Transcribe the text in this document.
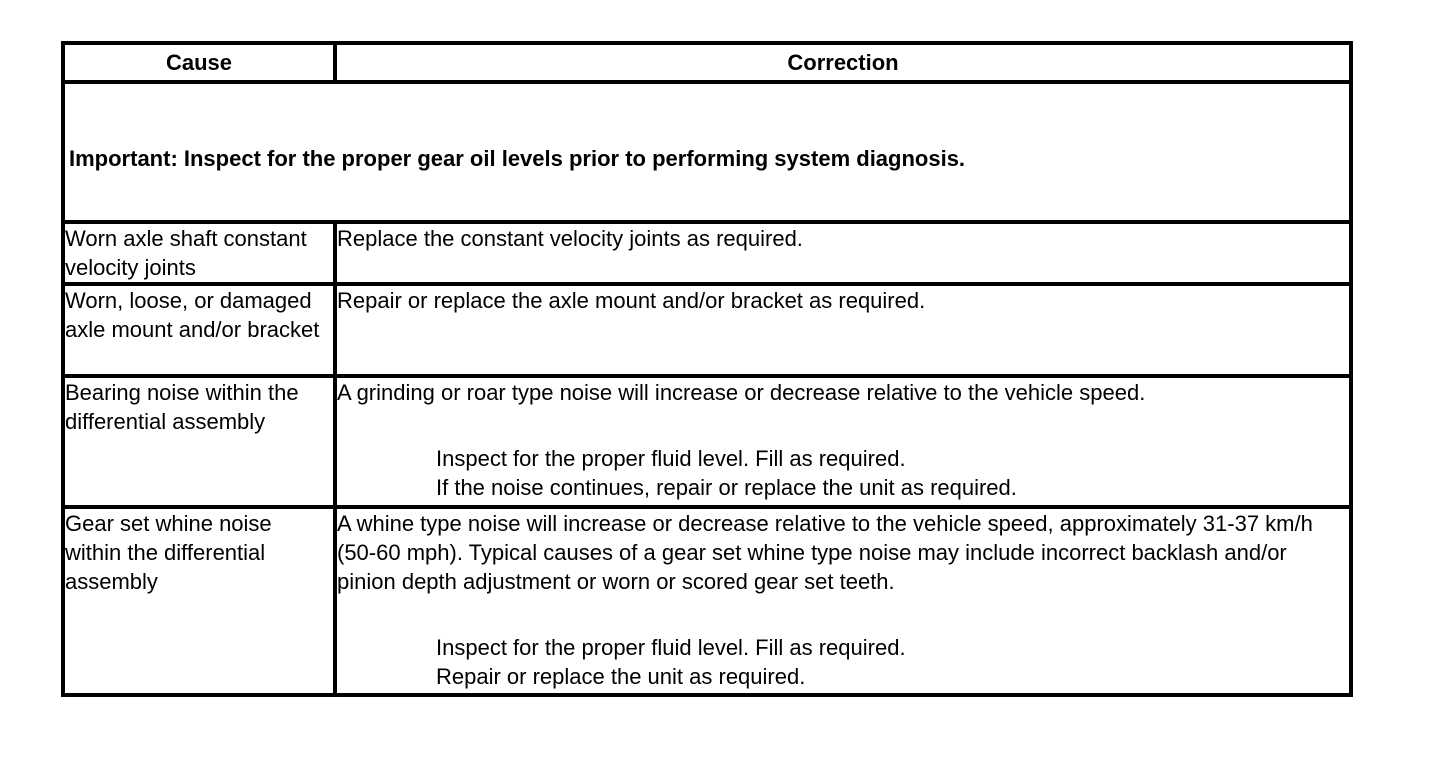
Cause	Correction
Important: Inspect for the proper gear oil levels prior to performing system diagnosis.	
Worn axle shaft constant velocity joints	Replace the constant velocity joints as required.

Worn, loose, or damaged axle mount and/or bracket	Repair or replace the axle mount and/or bracket as required.

Bearing noise within the differential assembly	A grinding or roar type noise will increase or decrease relative to the vehicle speed.
Inspect for the proper fluid level. Fill as required.
If the noise continues, repair or replace the unit as required.

Gear set whine noise within the differential assembly	A whine type noise will increase or decrease relative to the vehicle speed, approximately 31-37 km/h (50-60 mph). Typical causes of a gear set whine type noise may include incorrect backlash and/or pinion depth adjustment or worn or scored gear set teeth.
Inspect for the proper fluid level. Fill as required.
Repair or replace the unit as required.
